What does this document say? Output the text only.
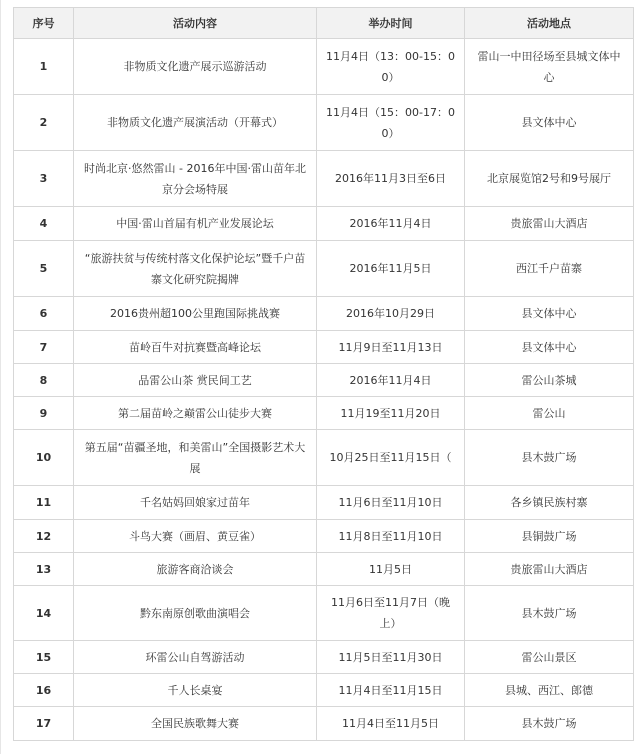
序号	活动内容	举办时间	活动地点
1	非物质文化遗产展示巡游活动	11月4日（13：00-15：00）	雷山一中田径场至县城文体中心
2	非物质文化遗产展演活动（开幕式）	11月4日（15：00-17：00）	县文体中心
3	时尚北京·悠然雷山 - 2016年中国·雷山苗年北京分会场特展	2016年11月3日至6日	北京展览馆2号和9号展厅
4	中国·雷山首届有机产业发展论坛	2016年11月4日	贵旅雷山大酒店
5	“旅游扶贫与传统村落文化保护论坛”暨千户苗寨文化研究院揭牌	2016年11月5日	西江千户苗寨
6	2016贵州超100公里跑国际挑战赛	2016年10月29日	县文体中心
7	苗岭百牛对抗赛暨高峰论坛	11月9日至11月13日	县文体中心
8	品雷公山茶 赏民间工艺	2016年11月4日	雷公山茶城
9	第二届苗岭之巅雷公山徒步大赛	11月19至11月20日	雷公山
10	第五届“苗疆圣地，和美雷山”全国摄影艺术大展	10月25日至11月15日（	县木鼓广场
11	千名姑妈回娘家过苗年	11月6日至11月10日	各乡镇民族村寨
12	斗鸟大赛（画眉、黄豆雀）	11月8日至11月10日	县铜鼓广场
13	旅游客商洽谈会	11月5日	贵旅雷山大酒店
14	黔东南原创歌曲演唱会	11月6日至11月7日（晚上）	县木鼓广场
15	环雷公山自驾游活动	11月5日至11月30日	雷公山景区
16	千人长桌宴	11月4日至11月15日	县城、西江、郎德
17	全国民族歌舞大赛	11月4日至11月5日	县木鼓广场
